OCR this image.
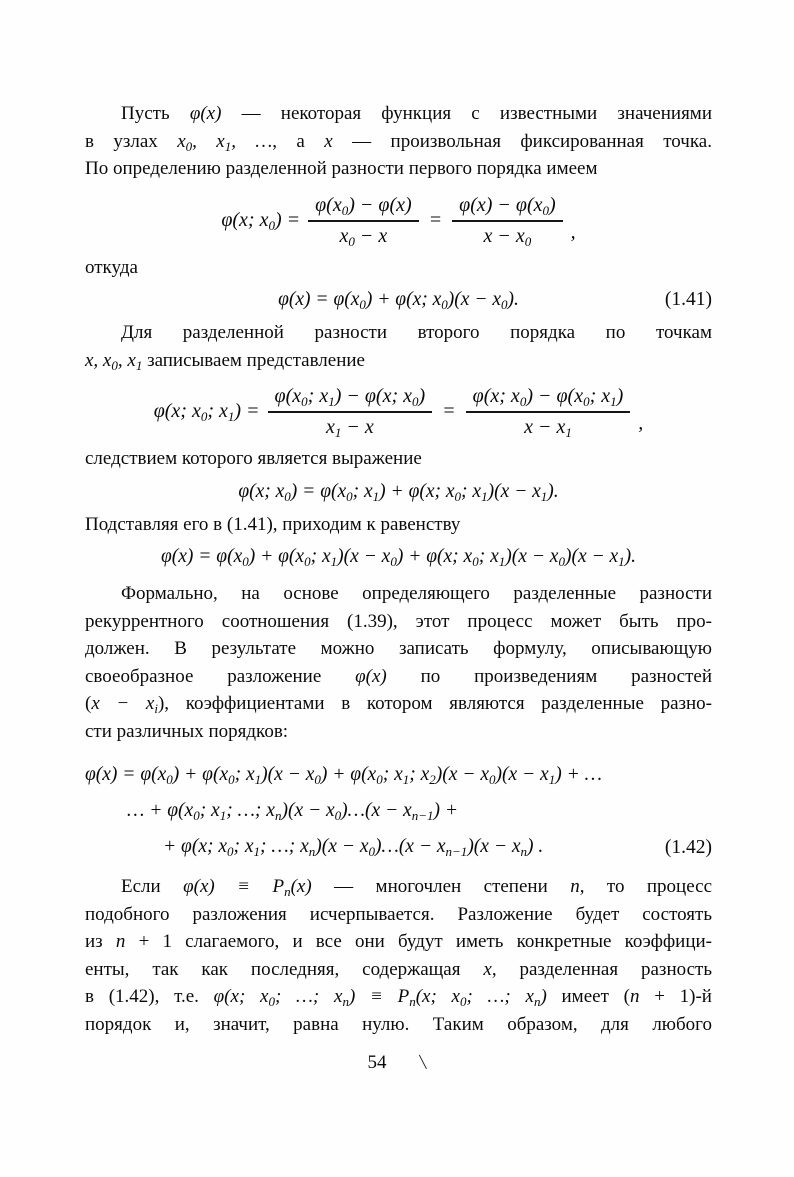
Пусть φ(x) — некоторая функция с известными значениями
в узлах $x_0$, $x_1$, …, а x — произвольная фиксированная точка.
По определению разделенной разности первого порядка имеем

φ(x; $x_0) = \frac{\varphi(x_0) - \varphi(x)}{x_0 - x} = \frac{\varphi(x) - \varphi(x_0)}{x - x_0}$ ,

откуда

$\varphi(x) = \varphi(x_0) + \varphi(x$; $x_0)(x - x_0)$.	(1.41)

Для разделенной разности второго порядка по точкам
x, $x_0$, $x_1$ записываем представление

φ(x; $x_0$; $x_1) = \frac{\varphi(x_0; x_1) - \varphi(x; x_0)}{x_1 - x} = \frac{\varphi(x; x_0) - \varphi(x_0; x_1)}{x - x_1}$ ,

следствием которого является выражение

φ(x; $x_0) = \varphi(x_0$; $x_1) + \varphi(x$; $x_0$; $x_1)(x - x_1)$.

Подставляя его в (1.41), приходим к равенству

$\varphi(x) = \varphi(x_0) + \varphi(x_0$; $x_1)(x - x_0) + \varphi(x$; $x_0$; $x_1)(x - x_0)(x - x_1)$.

Формально, на основе определяющего разделенные разности
рекуррентного соотношения (1.39), этот процесс может быть про-
должен. В результате можно записать формулу, описывающую
своеобразное разложение φ(x) по произведениям разностей
$(x - x_i)$, коэффициентами в котором являются разделенные разно-
сти различных порядков:

$\varphi(x) = \varphi(x_0) + \varphi(x_0$; $x_1)(x - x_0) + \varphi(x_0$; $x_1$; $x_2)(x - x_0)(x - x_1)$ + …
… + $\varphi(x_0$; $x_1$; …; $x_n)(x$ − $x_0)\dots(x - x_{n-1})$ +
+ φ(x; $x_0$; $x_1$; …; $x_n)(x$ − $x_0)\dots(x - x_{n-1})(x - x_n)$ .	(1.42)

Если $\varphi(x) \equiv P_n(x)$ — многочлен степени n, то процесс
подобного разложения исчерпывается. Разложение будет состоять
из n + 1 слагаемого, и все они будут иметь конкретные коэффици-
енты, так как последняя, содержащая x, разделенная разность
в (1.42), т.е. φ(x; $x_0$; …; $x_n) \equiv P_n(x$; $x_0$; …; $x_n$) имеет (n + 1)-й
порядок и, значит, равна нулю. Таким образом, для любого

54	╲
